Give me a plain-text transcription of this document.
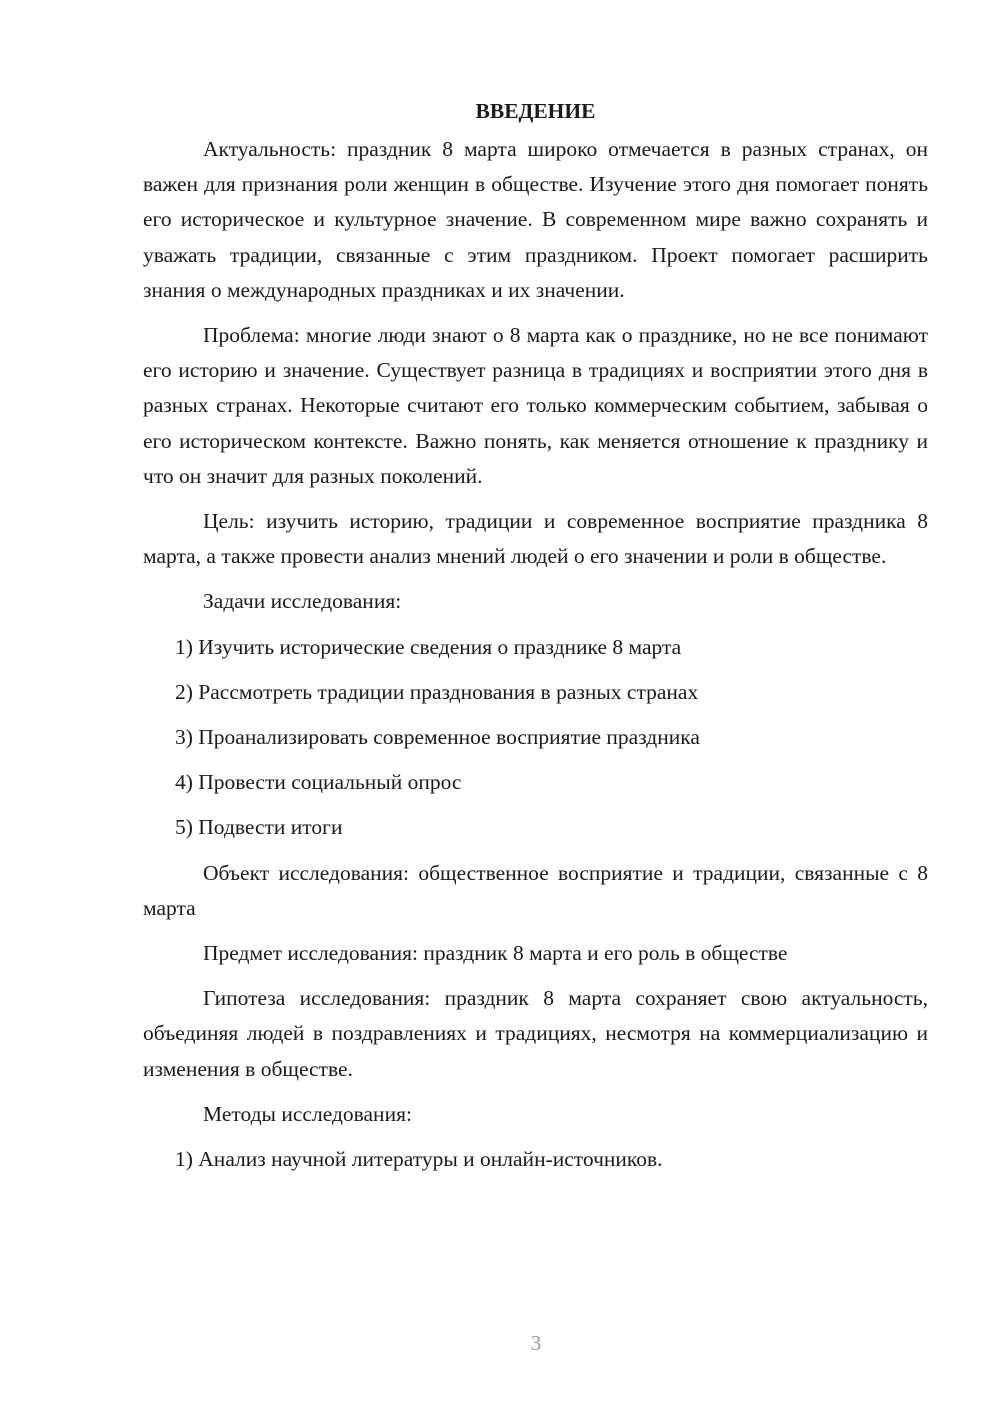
ВВЕДЕНИЕ
Актуальность: праздник 8 марта широко отмечается в разных странах, он важен для признания роли женщин в обществе. Изучение этого дня помогает понять его историческое и культурное значение. В современном мире важно сохранять и уважать традиции, связанные с этим праздником. Проект помогает расширить знания о международных праздниках и их значении.
Проблема: многие люди знают о 8 марта как о празднике, но не все понимают его историю и значение. Существует разница в традициях и восприятии этого дня в разных странах. Некоторые считают его только коммерческим событием, забывая о его историческом контексте. Важно понять, как меняется отношение к празднику и что он значит для разных поколений.
Цель: изучить историю, традиции и современное восприятие праздника 8 марта, а также провести анализ мнений людей о его значении и роли в обществе.
Задачи исследования:
1) Изучить исторические сведения о празднике 8 марта
2) Рассмотреть традиции празднования в разных странах
3) Проанализировать современное восприятие праздника
4) Провести социальный опрос
5) Подвести итоги
Объект исследования: общественное восприятие и традиции, связанные с 8 марта
Предмет исследования: праздник 8 марта и его роль в обществе
Гипотеза исследования: праздник 8 марта сохраняет свою актуальность, объединяя людей в поздравлениях и традициях, несмотря на коммерциализацию и изменения в обществе.
Методы исследования:
1) Анализ научной литературы и онлайн-источников.
3
